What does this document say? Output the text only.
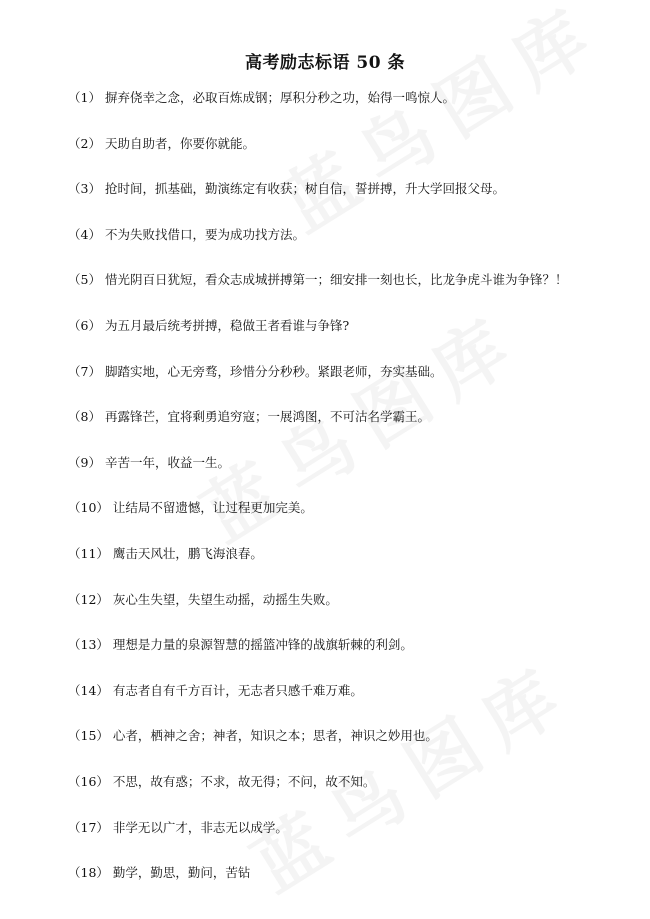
高考励志标语 50 条
（1） 摒弃侥幸之念，必取百炼成钢；厚积分秒之功，始得一鸣惊人。
（2） 天助自助者，你要你就能。
（3） 抢时间，抓基础，勤演练定有收获；树自信，誓拼搏，升大学回报父母。
（4） 不为失败找借口，要为成功找方法。
（5） 惜光阴百日犹短，看众志成城拼搏第一；细安排一刻也长，比龙争虎斗谁为争锋？！
（6） 为五月最后统考拼搏，稳做王者看谁与争锋?
（7） 脚踏实地，心无旁骛，珍惜分分秒秒。紧跟老师，夯实基础。
（8） 再露锋芒，宜将剩勇追穷寇；一展鸿图，不可沽名学霸王。
（9） 辛苦一年，收益一生。
（10） 让结局不留遗憾，让过程更加完美。
（11） 鹰击天风壮，鹏飞海浪春。
（12） 灰心生失望，失望生动摇，动摇生失败。
（13） 理想是力量的泉源智慧的摇篮冲锋的战旗斩棘的利剑。
（14） 有志者自有千方百计，无志者只感千难万难。
（15） 心者，栖神之舍；神者，知识之本；思者，神识之妙用也。
（16） 不思，故有惑；不求，故无得；不问，故不知。
（17） 非学无以广才，非志无以成学。
（18） 勤学，勤思，勤问，苦钻
